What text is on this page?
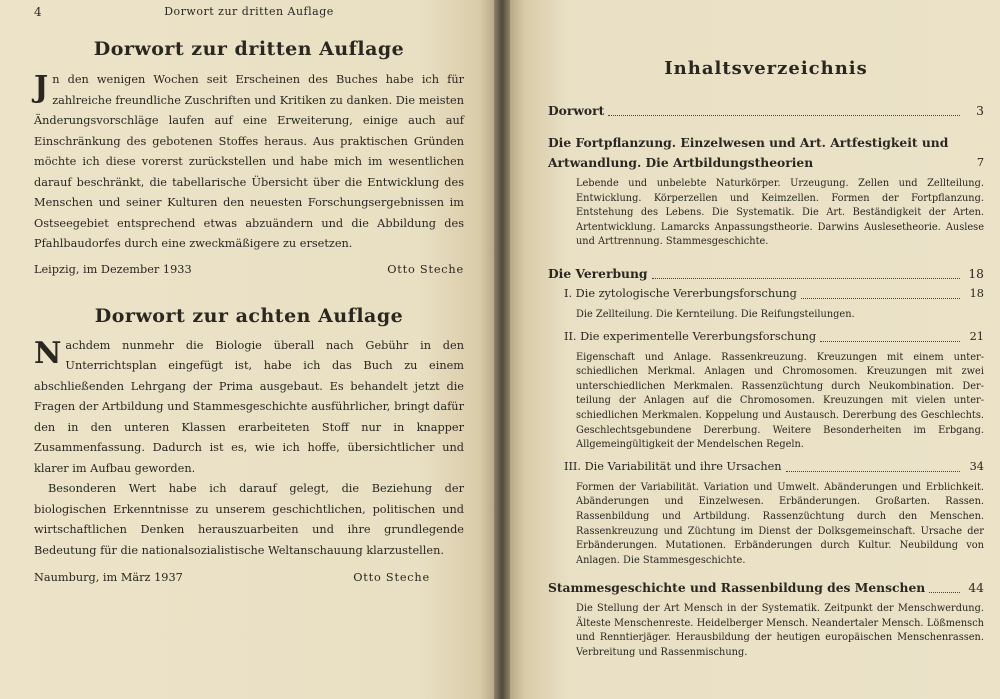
4	Dorwort zur dritten Auflage
Dorwort zur dritten Auflage

Jn den wenigen Wochen seit Erscheinen des Buches habe ich für zahlreiche freundliche Zuschriften und Kritiken zu danken. Die meisten Änderungsvorschläge laufen auf eine Erweiterung, einige auch auf Einschränkung des gebotenen Stoffes heraus. Aus praktischen Gründen möchte ich diese vorerst zurückstellen und habe mich im wesentlichen darauf beschränkt, die tabellarische Übersicht über die Entwicklung des Menschen und seiner Kulturen den neuesten Forschungsergebnissen im Ostseegebiet entsprechend etwas abzuändern und die Abbildung des Pfahlbaudorfes durch eine zweckmäßigere zu ersetzen.

Leipzig, im Dezember 1933	Otto Steche
Dorwort zur achten Auflage

Nachdem nunmehr die Biologie überall nach Gebühr in den Unterrichtsplan eingefügt ist, habe ich das Buch zu einem abschließenden Lehrgang der Prima ausgebaut. Es behandelt jetzt die Fragen der Artbildung und Stammesgeschichte ausführlicher, bringt dafür den in den unteren Klassen erarbeiteten Stoff nur in knapper Zusammenfassung. Dadurch ist es, wie ich hoffe, übersichtlicher und klarer im Aufbau geworden.

Besonderen Wert habe ich darauf gelegt, die Beziehung der biologischen Erkenntnisse zu unserem geschichtlichen, politischen und wirtschaftlichen Denken herauszuarbeiten und ihre grundlegende Bedeutung für die nationalsozialistische Weltanschauung klarzustellen.

Naumburg, im März 1937	Otto Steche
Inhaltsverzeichnis
Dorwort	3
Die Fortpflanzung. Einzelwesen und Art. Artfestigkeit und Artwandlung. Die Artbildungstheorien	7

Lebende und unbelebte Naturkörper. Urzeugung. Zellen und Zellteilung. Entwicklung. Körperzellen und Keimzellen. Formen der Fortpflanzung. Entstehung des Lebens. Die Systematik. Die Art. Beständigkeit der Arten. Artentwicklung. Lamarcks Anpassungstheorie. Darwins Auslesetheorie. Auslese und Arttrennung. Stammesgeschichte.

Die Vererbung	18
I. Die zytologische Vererbungsforschung	18

Die Zellteilung. Die Kernteilung. Die Reifungsteilungen.

II. Die experimentelle Vererbungsforschung	21

Eigenschaft und Anlage. Rassenkreuzung. Kreuzungen mit einem unterschiedlichen Merkmal. Anlagen und Chromosomen. Kreuzungen mit zwei unterschiedlichen Merkmalen. Rassenzüchtung durch Neukombination. Derteilung der Anlagen auf die Chromosomen. Kreuzungen mit vielen unterschiedlichen Merkmalen. Koppelung und Austausch. Dererbung des Geschlechts. Geschlechtsgebundene Dererbung. Weitere Besonderheiten im Erbgang. Allgemeingültigkeit der Mendelschen Regeln.

III. Die Variabilität und ihre Ursachen	34

Formen der Variabilität. Variation und Umwelt. Abänderungen und Erblichkeit. Abänderungen und Einzelwesen. Erbänderungen. Großarten. Rassen. Rassenbildung und Artbildung. Rassenzüchtung durch den Menschen. Rassenkreuzung und Züchtung im Dienst der Dolksgemeinschaft. Ursache der Erbänderungen. Mutationen. Erbänderungen durch Kultur. Neubildung von Anlagen. Die Stammesgeschichte.

Stammesgeschichte und Rassenbildung des Menschen	44

Die Stellung der Art Mensch in der Systematik. Zeitpunkt der Menschwerdung. Älteste Menschenreste. Heidelberger Mensch. Neandertaler Mensch. Lößmensch und Renntierjäger. Herausbildung der heutigen europäischen Menschenrassen. Verbreitung und Rassenmischung.
